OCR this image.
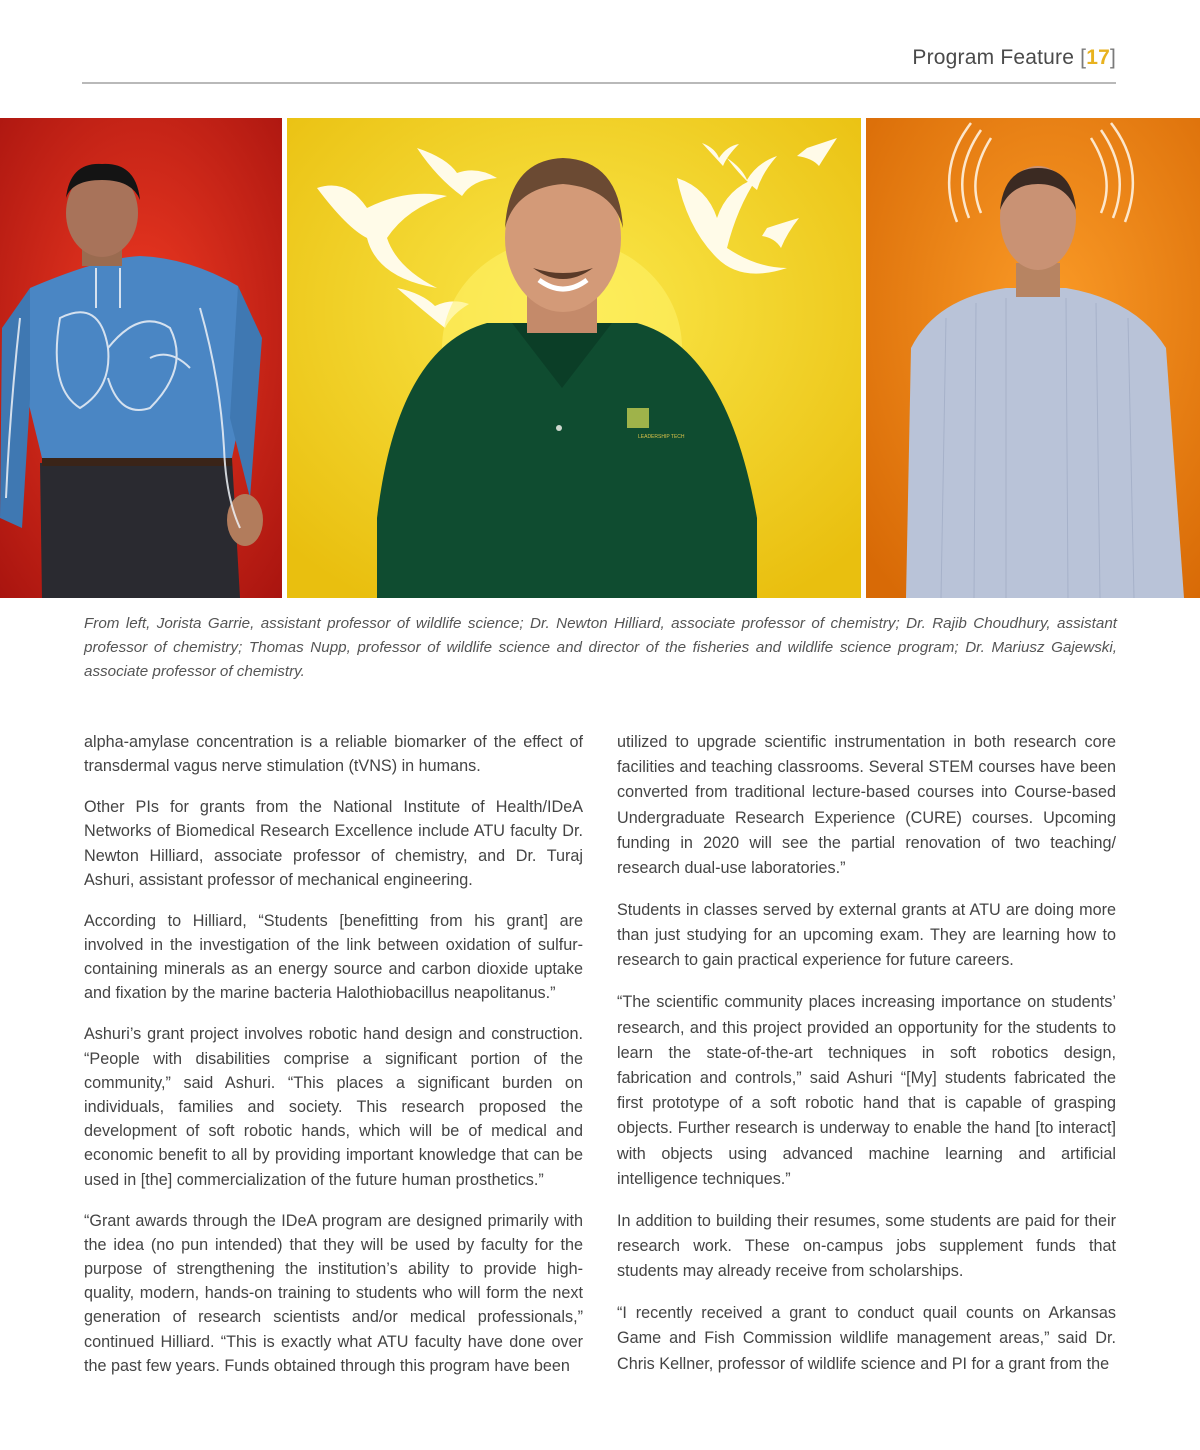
Program Feature [17]
LEADERSHIP TECH

From left, Jorista Garrie, assistant professor of wildlife science; Dr. Newton Hilliard, associate professor of chemistry; Dr. Rajib Choudhury, assistant professor of chemistry; Thomas Nupp, professor of wildlife science and director of the fisheries and wildlife science program; Dr. Mariusz Gajewski, associate professor of chemistry.

alpha-amylase concentration is a reliable biomarker of the effect of transdermal vagus nerve stimulation (tVNS) in humans.

Other PIs for grants from the National Institute of Health/IDeA Networks of Biomedical Research Excellence include ATU faculty Dr. Newton Hilliard, associate professor of chemistry, and Dr. Turaj Ashuri, assistant professor of mechanical engineering.

According to Hilliard, “Students [benefitting from his grant] are involved in the investigation of the link between oxidation of sulfur-containing minerals as an energy source and carbon dioxide uptake and fixation by the marine bacteria Halothiobacillus neapolitanus.”

Ashuri’s grant project involves robotic hand design and construction. “People with disabilities comprise a significant portion of the community,” said Ashuri. “This places a significant burden on individuals, families and society. This research proposed the development of soft robotic hands, which will be of medical and economic benefit to all by providing important knowledge that can be used in [the] commercialization of the future human prosthetics.”

“Grant awards through the IDeA program are designed primarily with the idea (no pun intended) that they will be used by faculty for the purpose of strengthening the institution’s ability to provide high-quality, modern, hands-on training to students who will form the next generation of research scientists and/or medical professionals,” continued Hilliard. “This is exactly what ATU faculty have done over the past few years. Funds obtained through this program have been

utilized to upgrade scientific instrumentation in both research core facilities and teaching classrooms. Several STEM courses have been converted from traditional lecture-based courses into Course-based Undergraduate Research Experience (CURE) courses. Upcoming funding in 2020 will see the partial renovation of two teaching/ research dual-use laboratories.”

Students in classes served by external grants at ATU are doing more than just studying for an upcoming exam. They are learning how to research to gain practical experience for future careers.

“The scientific community places increasing importance on students’ research, and this project provided an opportunity for the students to learn the state-of-the-art techniques in soft robotics design, fabrication and controls,” said Ashuri “[My] students fabricated the first prototype of a soft robotic hand that is capable of grasping objects. Further research is underway to enable the hand [to interact] with objects using advanced machine learning and artificial intelligence techniques.”

In addition to building their resumes, some students are paid for their research work. These on-campus jobs supplement funds that students may already receive from scholarships.

“I recently received a grant to conduct quail counts on Arkansas Game and Fish Commission wildlife management areas,” said Dr. Chris Kellner, professor of wildlife science and PI for a grant from the
